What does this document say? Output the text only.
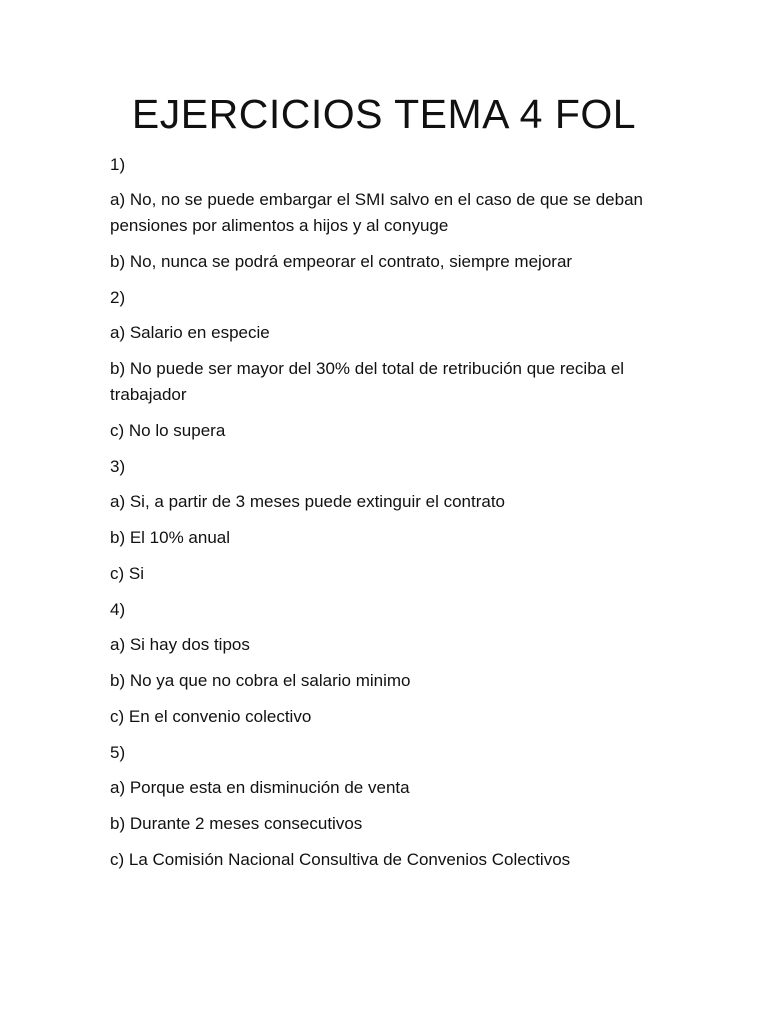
EJERCICIOS TEMA 4 FOL

1)

a) No, no se puede embargar el SMI salvo en el caso de que se deban pensiones por alimentos a hijos y al conyuge

b) No, nunca se podrá empeorar el contrato, siempre mejorar

2)

a) Salario en especie

b) No puede ser mayor del 30% del total de retribución que reciba el trabajador

c) No lo supera

3)

a) Si, a partir de 3 meses puede extinguir el contrato

b) El 10% anual

c) Si

4)

a) Si hay dos tipos

b) No ya que no cobra el salario minimo

c) En el convenio colectivo

5)

a) Porque esta en disminución de venta

b) Durante 2 meses consecutivos

c) La Comisión Nacional Consultiva de Convenios Colectivos
